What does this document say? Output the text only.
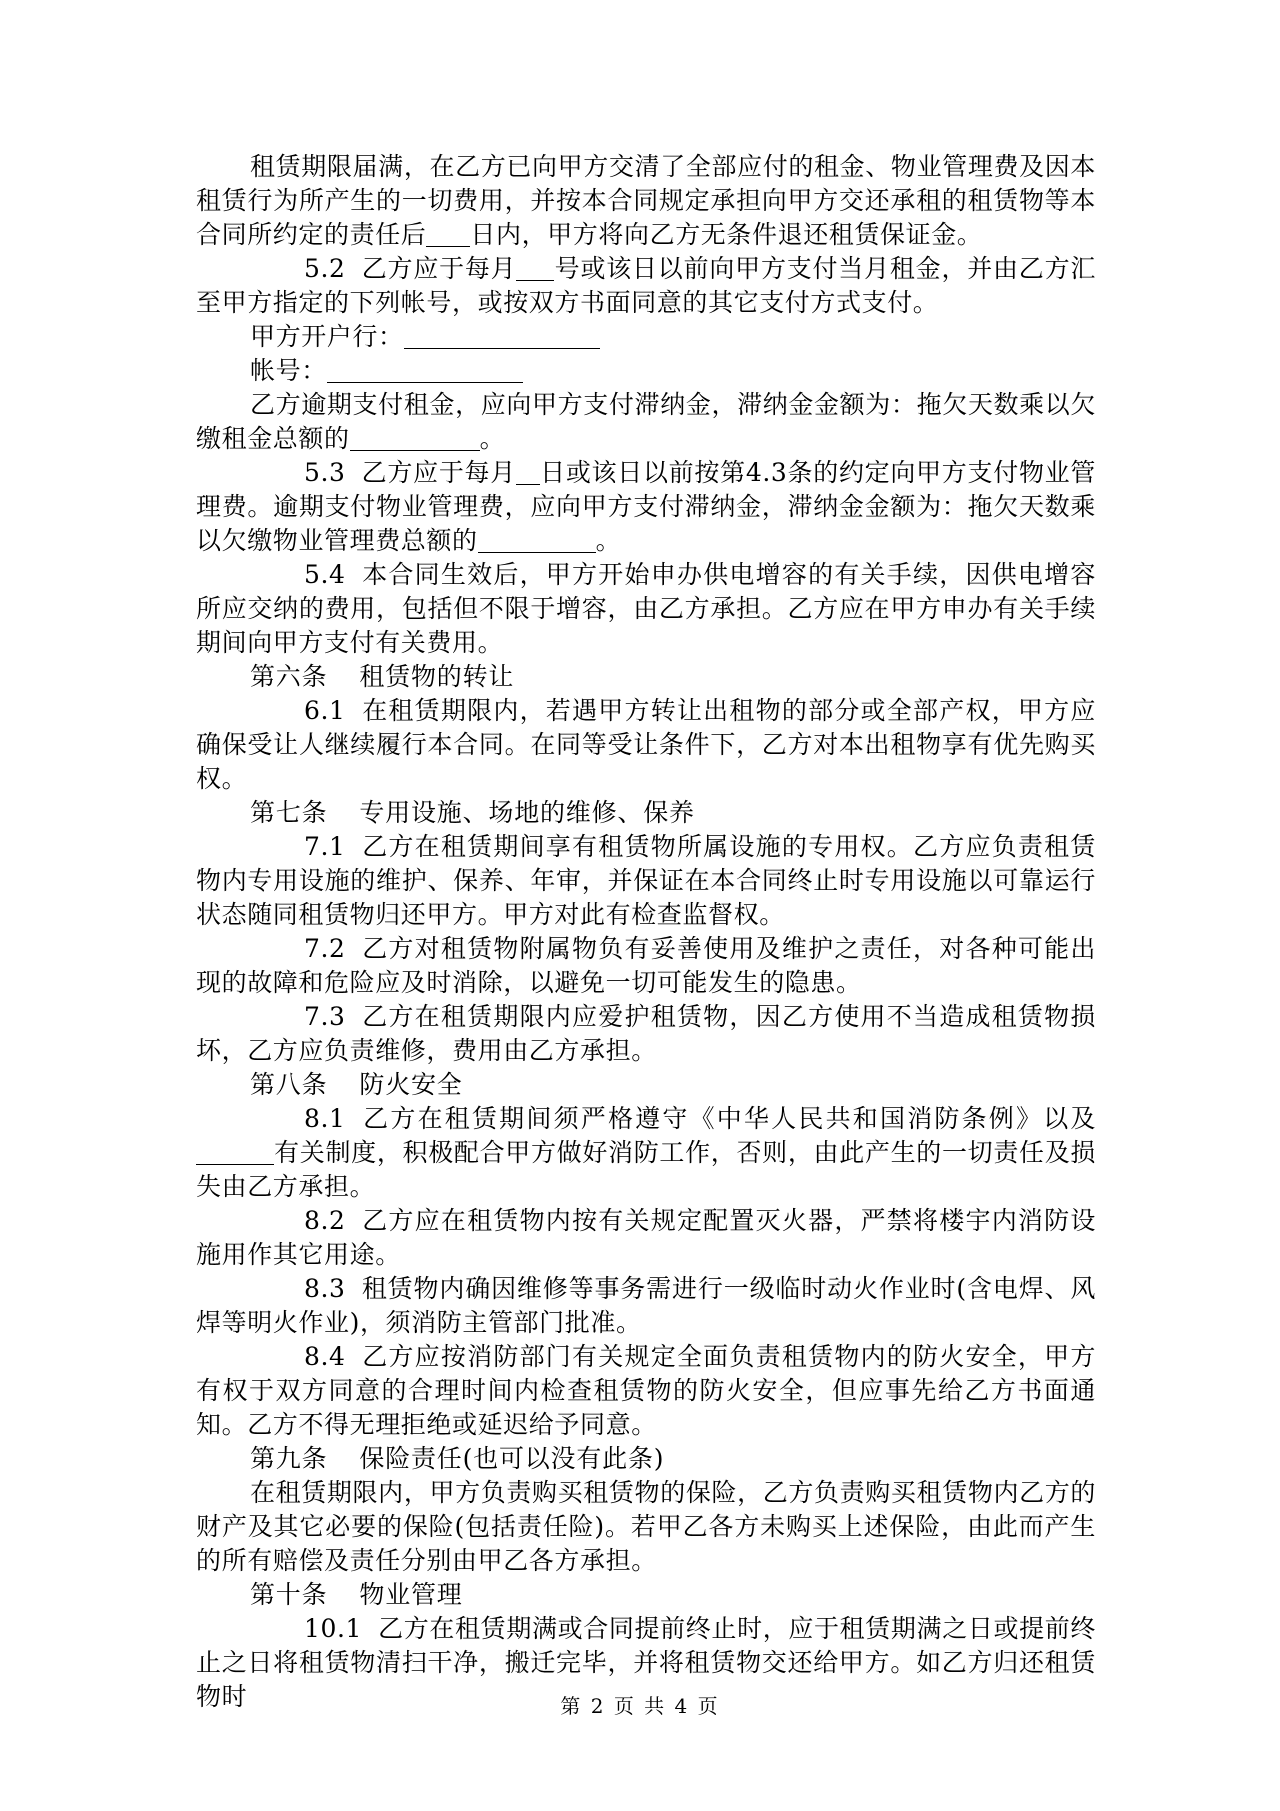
租赁期限届满，在乙方已向甲方交清了全部应付的租金、物业管理费及因本租赁行为所产生的一切费用，并按本合同规定承担向甲方交还承租的租赁物等本合同所约定的责任后 日内，甲方将向乙方无条件退还租赁保证金。

5.2 乙方应于每月 号或该日以前向甲方支付当月租金，并由乙方汇至甲方指定的下列帐号，或按双方书面同意的其它支付方式支付。

甲方开户行：

帐号：

乙方逾期支付租金，应向甲方支付滞纳金，滞纳金金额为：拖欠天数乘以欠缴租金总额的	。

5.3 乙方应于每月 日或该日以前按第4.3条的约定向甲方支付物业管理费。逾期支付物业管理费，应向甲方支付滞纳金，滞纳金金额为：拖欠天数乘以欠缴物业管理费总额的	。

5.4 本合同生效后，甲方开始申办供电增容的有关手续，因供电增容所应交纳的费用，包括但不限于增容，由乙方承担。乙方应在甲方申办有关手续期间向甲方支付有关费用。

第六条 租赁物的转让

6.1 在租赁期限内，若遇甲方转让出租物的部分或全部产权，甲方应确保受让人继续履行本合同。在同等受让条件下，乙方对本出租物享有优先购买权。

第七条 专用设施、场地的维修、保养

7.1 乙方在租赁期间享有租赁物所属设施的专用权。乙方应负责租赁物内专用设施的维护、保养、年审，并保证在本合同终止时专用设施以可靠运行状态随同租赁物归还甲方。甲方对此有检查监督权。

7.2 乙方对租赁物附属物负有妥善使用及维护之责任，对各种可能出现的故障和危险应及时消除，以避免一切可能发生的隐患。

7.3 乙方在租赁期限内应爱护租赁物，因乙方使用不当造成租赁物损坏，乙方应负责维修，费用由乙方承担。

第八条 防火安全

8.1 乙方在租赁期间须严格遵守《中华人民共和国消防条例》以及有关制度，积极配合甲方做好消防工作，否则，由此产生的一切责任及损失由乙方承担。

8.2 乙方应在租赁物内按有关规定配置灭火器，严禁将楼宇内消防设施用作其它用途。

8.3 租赁物内确因维修等事务需进行一级临时动火作业时(含电焊、风焊等明火作业)，须消防主管部门批准。

8.4 乙方应按消防部门有关规定全面负责租赁物内的防火安全，甲方有权于双方同意的合理时间内检查租赁物的防火安全，但应事先给乙方书面通知。乙方不得无理拒绝或延迟给予同意。

第九条 保险责任(也可以没有此条)

在租赁期限内，甲方负责购买租赁物的保险，乙方负责购买租赁物内乙方的财产及其它必要的保险(包括责任险)。若甲乙各方未购买上述保险，由此而产生的所有赔偿及责任分别由甲乙各方承担。

第十条 物业管理

10.1 乙方在租赁期满或合同提前终止时，应于租赁期满之日或提前终止之日将租赁物清扫干净，搬迁完毕，并将租赁物交还给甲方。如乙方归还租赁物时	第 2 页 共 4 页
